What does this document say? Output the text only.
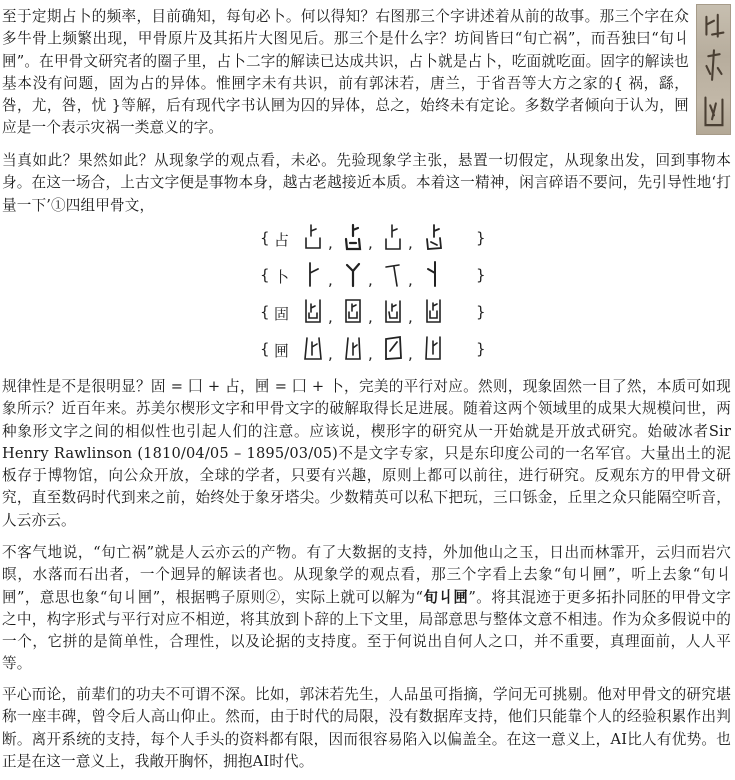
至于定期占卜的频率，目前确知，每旬必卜。何以得知？右图那三个字讲述着从前的故事。那三个字在众多牛骨上频繁出现，甲骨原片及其拓片大图见后。那三个是什么字？坊间皆曰“旬亡祸”，而吾独曰“旬丩㘡”。在甲骨文研究者的圈子里，占卜二字的解读已达成共识，占卜就是占卜，吃面就吃面。固字的解读也基本没有问题，固为占的异体。惟㘡字未有共识，前有郭沫若，唐兰，于省吾等大方之家的{ 祸，繇，咎，尤，咎，忧 }等解，后有现代字书认㘡为囚的异体，总之，始终未有定论。多数学者倾向于认为，㘡应是一个表示灾祸一类意义的字。

当真如此？果然如此？从现象学的观点看，未必。先验现象学主张，悬置一切假定，从现象出发，回到事物本身。在这一场合，上古文字便是事物本身，越古老越接近本质。本着这一精神，闲言碎语不要问，先引导性地‘打量一下’①四组甲骨文，

{ 占	, , ,	}
{ 卜	, , ,	}
{ 固	, , ,	}
{ 㘡	, , ,	}

规律性是不是很明显？固 = 囗 + 占，㘡 = 囗 + 卜，完美的平行对应。然则，现象固然一目了然，本质可如现象所示？近百年来。苏美尔楔形文字和甲骨文字的破解取得长足进展。随着这两个领域里的成果大规模问世，两种象形文字之间的相似性也引起人们的注意。应该说，楔形字的研究从一开始就是开放式研究。始破冰者Sir Henry Rawlinson (1810/04/05 – 1895/03/05)不是文字专家，只是东印度公司的一名军官。大量出土的泥板存于博物馆，向公众开放，全球的学者，只要有兴趣，原则上都可以前往，进行研究。反观东方的甲骨文研究，直至数码时代到来之前，始终处于象牙塔尖。少数精英可以私下把玩，三口铄金，丘里之众只能隔空听音，人云亦云。

不客气地说，“旬亡祸”就是人云亦云的产物。有了大数据的支持，外加他山之玉，日出而林霏开，云归而岩穴暝，水落而石出者，一个迥异的解读者也。从现象学的观点看，那三个字看上去象“旬丩㘡”，听上去象“旬丩㘡”，意思也象“旬丩㘡”，根据鸭子原则②，实际上就可以解为“旬丩㘡”。将其混迹于更多拓扑同胚的甲骨文字之中，构字形式与平行对应不相逆，将其放到卜辞的上下文里，局部意思与整体文意不相违。作为众多假说中的一个，它拼的是简单性，合理性，以及论据的支持度。至于何说出自何人之口，并不重要，真理面前，人人平等。

平心而论，前辈们的功夫不可谓不深。比如，郭沫若先生，人品虽可指摘，学问无可挑剔。他对甲骨文的研究堪称一座丰碑，曾令后人高山仰止。然而，由于时代的局限，没有数据库支持，他们只能靠个人的经验积累作出判断。离开系统的支持，每个人手头的资料都有限，因而很容易陷入以偏盖全。在这一意义上，AI比人有优势。也正是在这一意义上，我敞开胸怀，拥抱AI时代。
